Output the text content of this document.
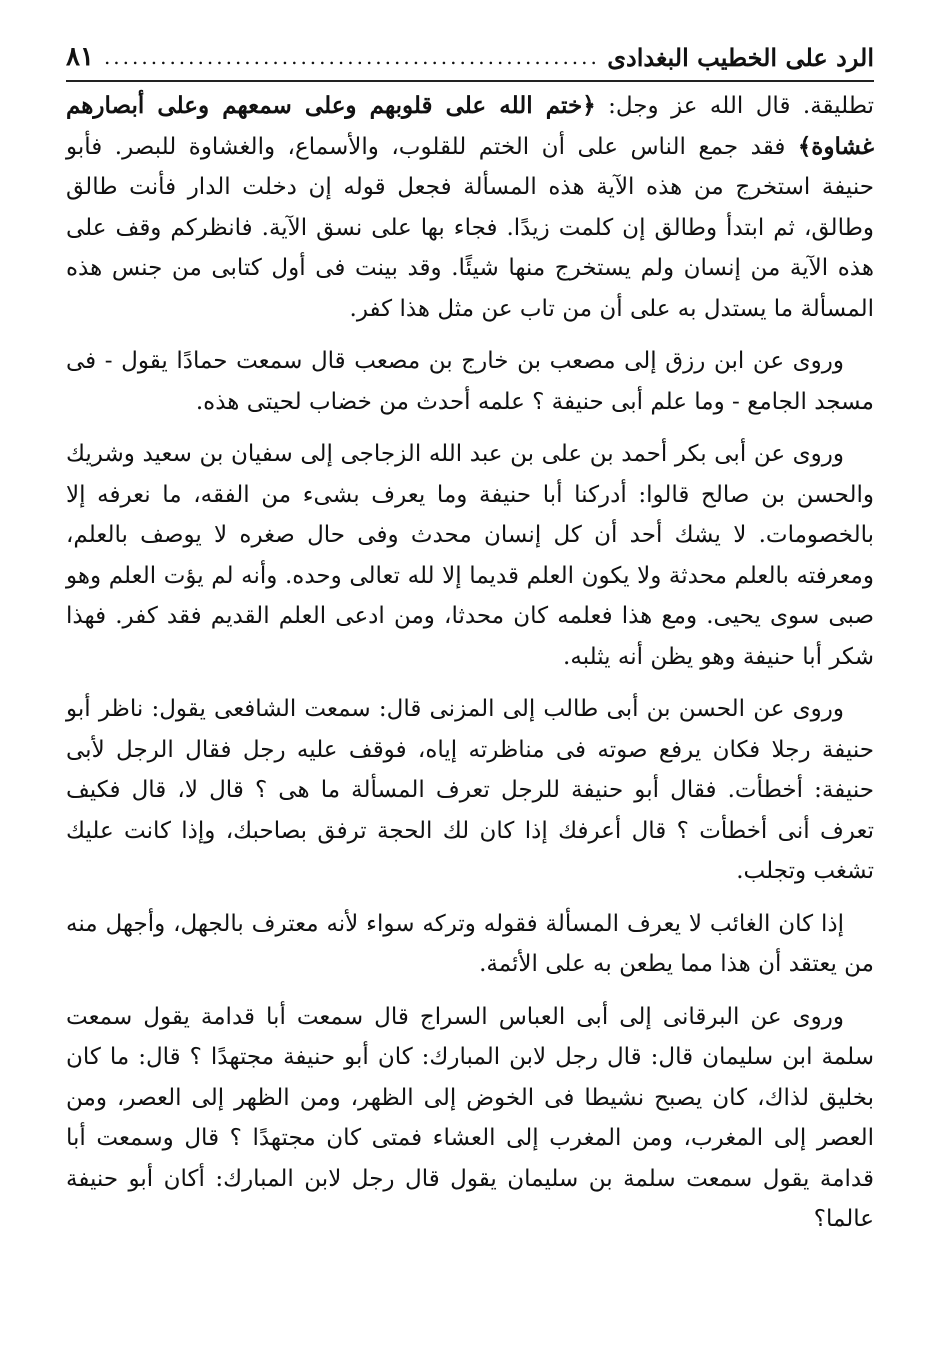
الرد على الخطيب البغدادى
.....
٨١

تطليقة. قال الله عز وجل: ﴿ختم الله على قلوبهم وعلى سمعهم وعلى أبصارهم غشاوة﴾ فقد جمع الناس على أن الختم للقلوب، والأسماع، والغشاوة للبصر. فأبو حنيفة استخرج من هذه الآية هذه المسألة فجعل قوله إن دخلت الدار فأنت طالق وطالق، ثم ابتدأ وطالق إن كلمت زيدًا. فجاء بها على نسق الآية. فانظركم وقف على هذه الآية من إنسان ولم يستخرج منها شيئًا. وقد بينت فى أول كتابى من جنس هذه المسألة ما يستدل به على أن من تاب عن مثل هذا كفر.

وروى عن ابن رزق إلى مصعب بن خارج بن مصعب قال سمعت حمادًا يقول - فى مسجد الجامع - وما علم أبى حنيفة ؟ علمه أحدث من خضاب لحيتى هذه.

وروى عن أبى بكر أحمد بن على بن عبد الله الزجاجى إلى سفيان بن سعيد وشريك والحسن بن صالح قالوا: أدركنا أبا حنيفة وما يعرف بشىء من الفقه، ما نعرفه إلا بالخصومات. لا يشك أحد أن كل إنسان محدث وفى حال صغره لا يوصف بالعلم، ومعرفته بالعلم محدثة ولا يكون العلم قديما إلا لله تعالى وحده. وأنه لم يؤت العلم وهو صبى سوى يحيى. ومع هذا فعلمه كان محدثا، ومن ادعى العلم القديم فقد كفر. فهذا شكر أبا حنيفة وهو يظن أنه يثلبه.

وروى عن الحسن بن أبى طالب إلى المزنى قال: سمعت الشافعى يقول: ناظر أبو حنيفة رجلا فكان يرفع صوته فى مناظرته إياه، فوقف عليه رجل فقال الرجل لأبى حنيفة: أخطأت. فقال أبو حنيفة للرجل تعرف المسألة ما هى ؟ قال لا، قال فكيف تعرف أنى أخطأت ؟ قال أعرفك إذا كان لك الحجة ترفق بصاحبك، وإذا كانت عليك تشغب وتجلب.

إذا كان الغائب لا يعرف المسألة فقوله وتركه سواء لأنه معترف بالجهل، وأجهل منه من يعتقد أن هذا مما يطعن به على الأئمة.

وروى عن البرقانى إلى أبى العباس السراج قال سمعت أبا قدامة يقول سمعت سلمة ابن سليمان قال: قال رجل لابن المبارك: كان أبو حنيفة مجتهدًا ؟ قال: ما كان بخليق لذاك، كان يصبح نشيطا فى الخوض إلى الظهر، ومن الظهر إلى العصر، ومن العصر إلى المغرب، ومن المغرب إلى العشاء فمتى كان مجتهدًا ؟ قال وسمعت أبا قدامة يقول سمعت سلمة بن سليمان يقول قال رجل لابن المبارك: أكان أبو حنيفة عالما؟
